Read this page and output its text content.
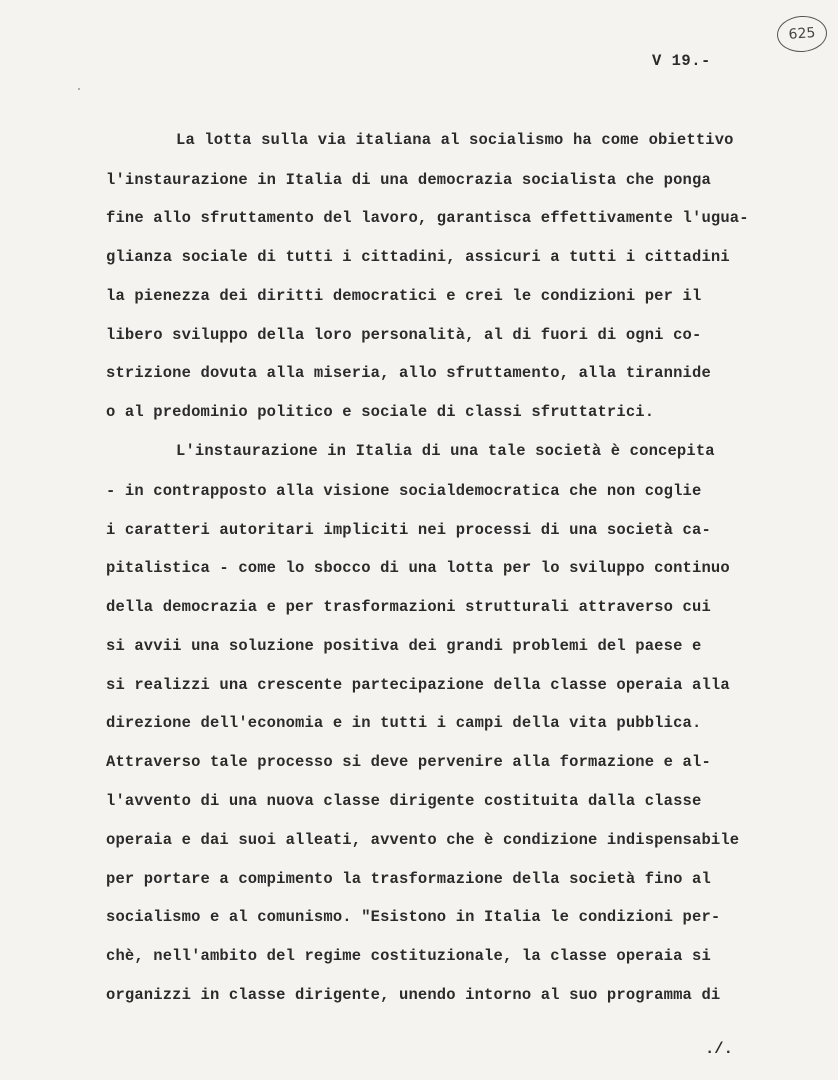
625
V 19.-
La lotta sulla via italiana al socialismo ha come obiettivo
l'instaurazione in Italia di una democrazia socialista che ponga
fine allo sfruttamento del lavoro, garantisca effettivamente l'ugua-
glianza sociale di tutti i cittadini, assicuri a tutti i cittadini
la pienezza dei diritti democratici e crei le condizioni per il
libero sviluppo della loro personalità, al di fuori di ogni co-
strizione dovuta alla miseria, allo sfruttamento, alla tirannide
o al predominio politico e sociale di classi sfruttatrici.
L'instaurazione in Italia di una tale società è concepita
- in contrapposto alla visione socialdemocratica che non coglie
i caratteri autoritari impliciti nei processi di una società ca-
pitalistica - come lo sbocco di una lotta per lo sviluppo continuo
della democrazia e per trasformazioni strutturali attraverso cui
si avvii una soluzione positiva dei grandi problemi del paese e
si realizzi una crescente partecipazione della classe operaia alla
direzione dell'economia e in tutti i campi della vita pubblica.
Attraverso tale processo si deve pervenire alla formazione e al-
l'avvento di una nuova classe dirigente costituita dalla classe
operaia e dai suoi alleati, avvento che è condizione indispensabile
per portare a compimento la trasformazione della società fino al
socialismo e al comunismo. "Esistono in Italia le condizioni per-
chè, nell'ambito del regime costituzionale, la classe operaia si
organizzi in classe dirigente, unendo intorno al suo programma di
./.
